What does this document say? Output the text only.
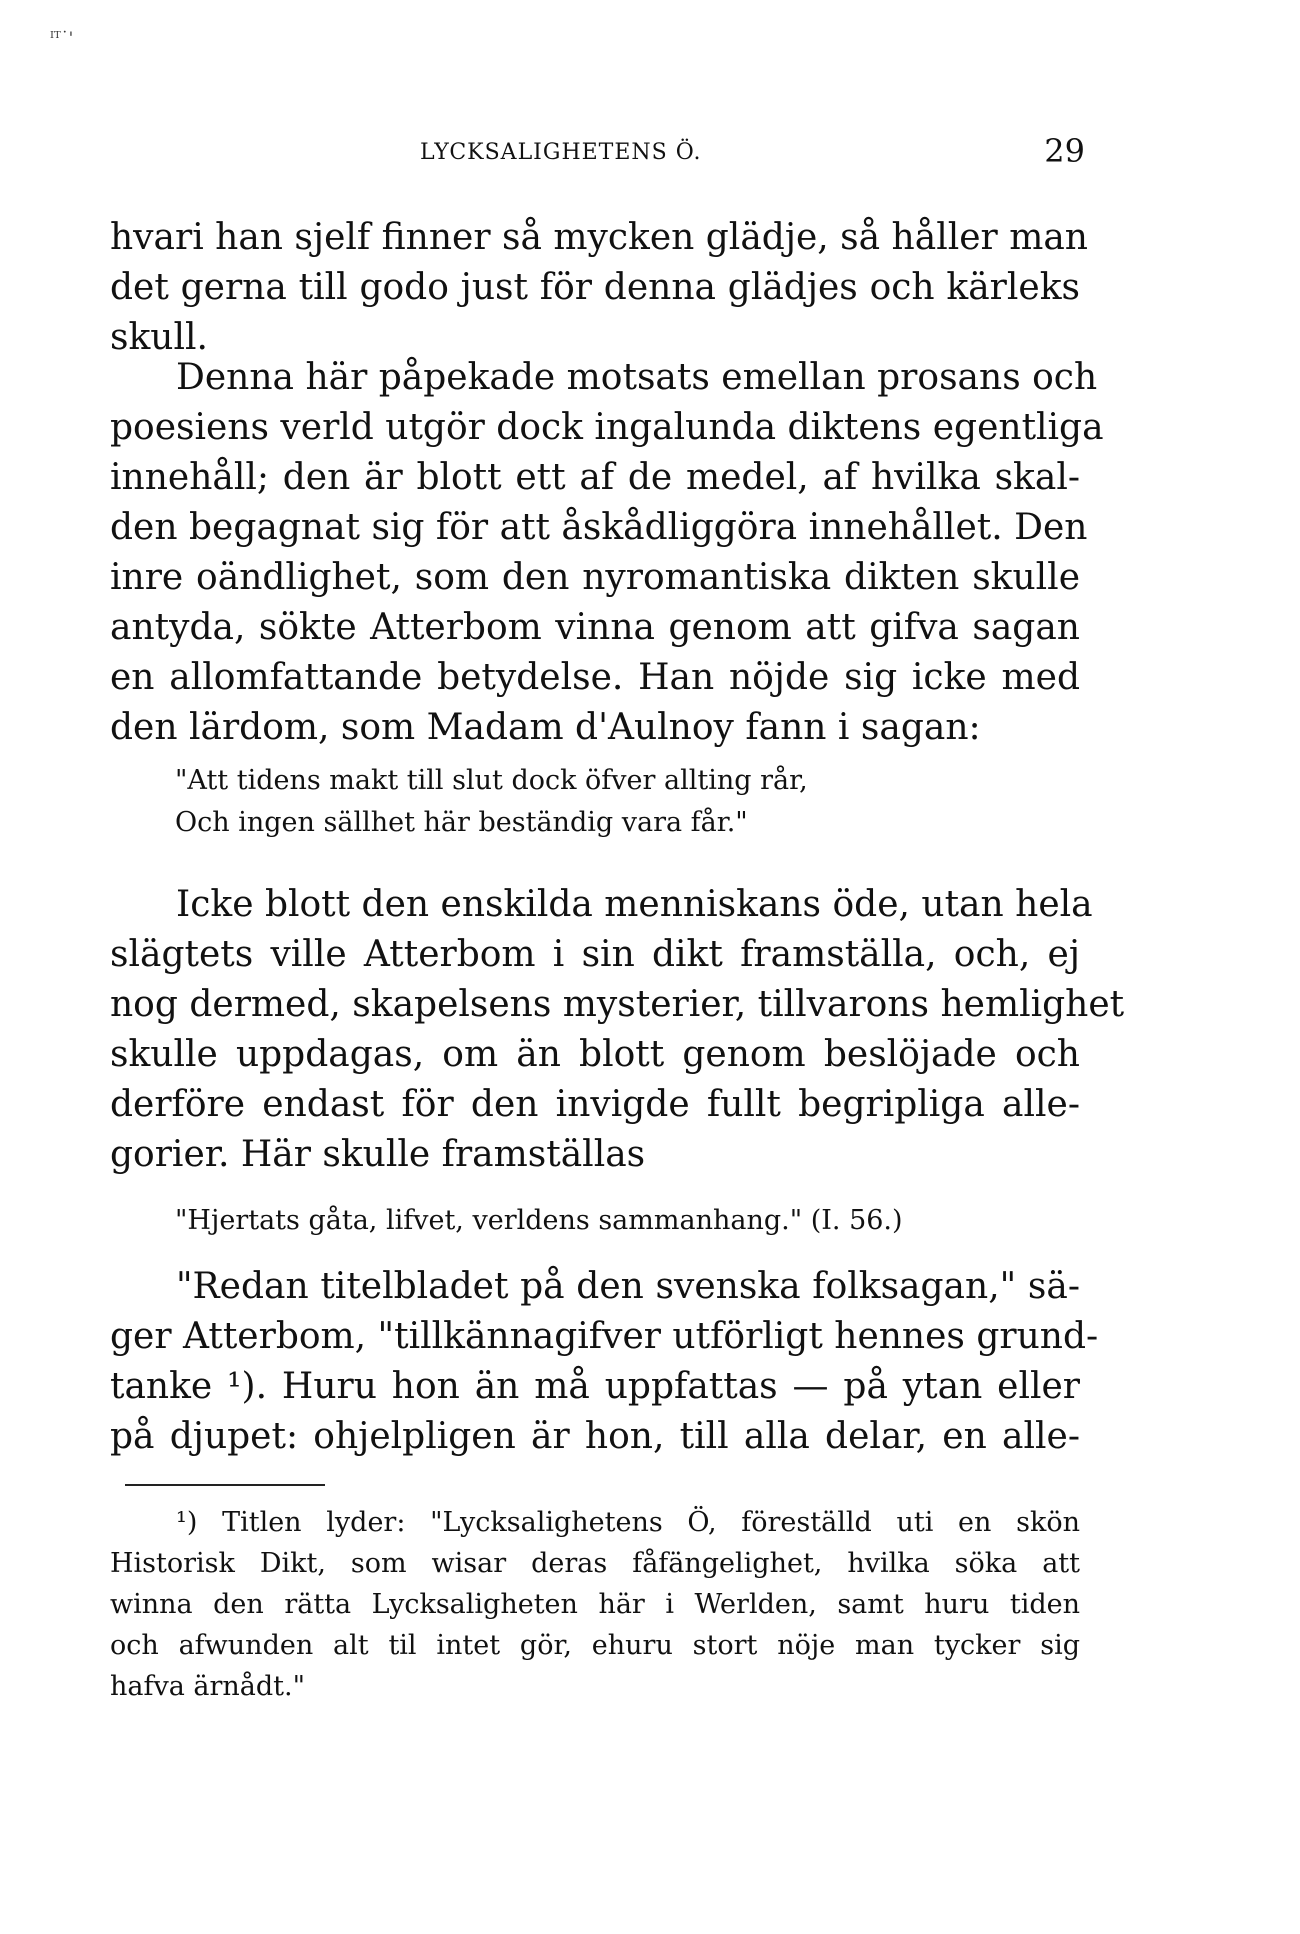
ᴵᵀ˙'
LYCKSALIGHETENS Ö.	29
hvari han sjelf finner så mycken glädje, så håller man
det gerna till godo just för denna glädjes och kärleks
skull.
Denna här påpekade motsats emellan prosans och
poesiens verld utgör dock ingalunda diktens egentliga
innehåll; den är blott ett af de medel, af hvilka skal-
den begagnat sig för att åskådliggöra innehållet. Den
inre oändlighet, som den nyromantiska dikten skulle
antyda, sökte Atterbom vinna genom att gifva sagan
en allomfattande betydelse. Han nöjde sig icke med
den lärdom, som Madam d'Aulnoy fann i sagan:
"Att tidens makt till slut dock öfver allting rår,
Och ingen sällhet här beständig vara får."
Icke blott den enskilda menniskans öde, utan hela
slägtets ville Atterbom i sin dikt framställa, och, ej
nog dermed, skapelsens mysterier, tillvarons hemlighet
skulle uppdagas, om än blott genom beslöjade och
derföre endast för den invigde fullt begripliga alle-
gorier. Här skulle framställas
"Hjertats gåta, lifvet, verldens sammanhang." (I. 56.)
"Redan titelbladet på den svenska folksagan," sä-
ger Atterbom, "tillkännagifver utförligt hennes grund-
tanke ¹). Huru hon än må uppfattas — på ytan eller
på djupet: ohjelpligen är hon, till alla delar, en alle-
¹) Titlen lyder: "Lycksalighetens Ö, föreställd uti en skön
Historisk Dikt, som wisar deras fåfängelighet, hvilka söka att
winna den rätta Lycksaligheten här i Werlden, samt huru tiden
och afwunden alt til intet gör, ehuru stort nöje man tycker sig
hafva ärnådt."
